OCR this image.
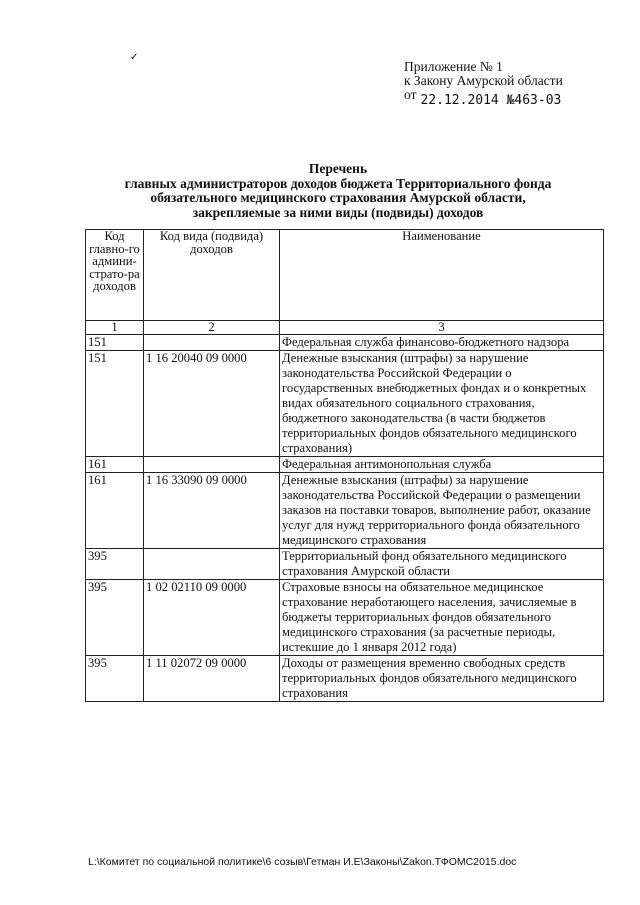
✓
Приложение № 1
к Закону Амурской области
от 22.12.2014 №463-03
Перечень
главных администраторов доходов бюджета Территориального фонда
обязательного медицинского страхования Амурской области,
закрепляемые за ними виды (подвиды) доходов
Код главно-го админи-страто-ра доходов	Код вида (подвида) доходов	Наименование
1	2	3
151		Федеральная служба финансово-бюджетного надзора
151	1 16 20040 09 0000	Денежные взыскания (штрафы) за нарушение законодательства Российской Федерации о государственных внебюджетных фондах и о конкретных видах обязательного социального страхования, бюджетного законодательства (в части бюджетов территориальных фондов обязательного медицинского страхования)
161		Федеральная антимонопольная служба
161	1 16 33090 09 0000	Денежные взыскания (штрафы) за нарушение законодательства Российской Федерации о размещении заказов на поставки товаров, выполнение работ, оказание услуг для нужд территориального фонда обязательного медицинского страхования
395		Территориальный фонд обязательного медицинского страхования Амурской области
395	1 02 02110 09 0000	Страховые взносы на обязательное медицинское страхование неработающего населения, зачисляемые в бюджеты территориальных фондов обязательного медицинского страхования (за расчетные периоды, истекшие до 1 января 2012 года)
395	1 11 02072 09 0000	Доходы от размещения временно свободных средств территориальных фондов обязательного медицинского страхования
L:\Комитет по социальной политике\6 созыв\Гетман И.Е\Законы\Zakon.ТФОМС2015.doc
